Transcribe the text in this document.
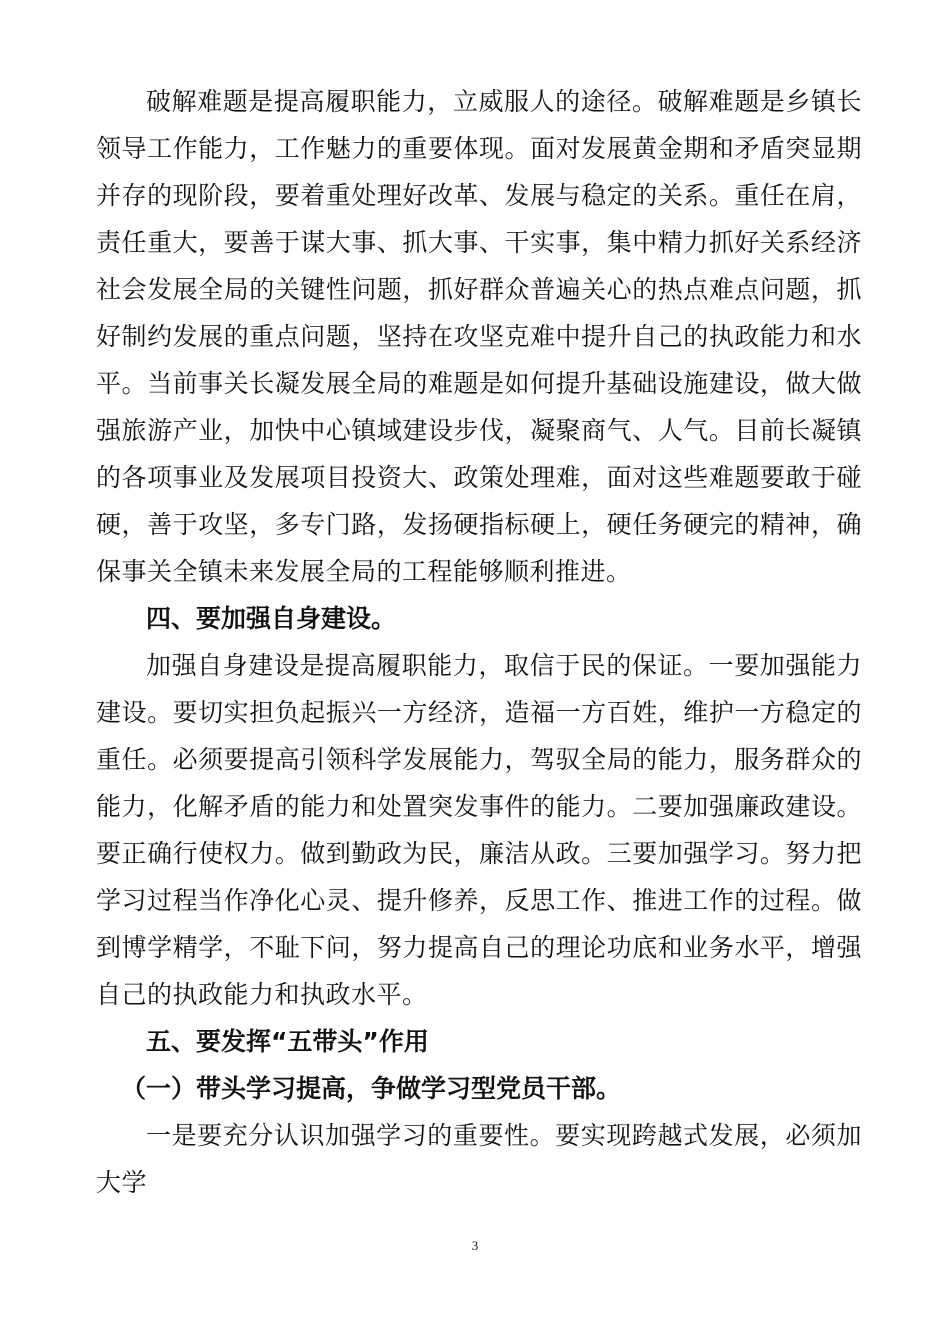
破解难题是提高履职能力，立威服人的途径。破解难题是乡镇长领导工作能力，工作魅力的重要体现。面对发展黄金期和矛盾突显期并存的现阶段，要着重处理好改革、发展与稳定的关系。重任在肩，责任重大，要善于谋大事、抓大事、干实事，集中精力抓好关系经济社会发展全局的关键性问题，抓好群众普遍关心的热点难点问题，抓好制约发展的重点问题，坚持在攻坚克难中提升自己的执政能力和水平。当前事关长凝发展全局的难题是如何提升基础设施建设，做大做强旅游产业，加快中心镇域建设步伐，凝聚商气、人气。目前长凝镇的各项事业及发展项目投资大、政策处理难，面对这些难题要敢于碰硬，善于攻坚，多专门路，发扬硬指标硬上，硬任务硬完的精神，确保事关全镇未来发展全局的工程能够顺利推进。

四、要加强自身建设。

加强自身建设是提高履职能力，取信于民的保证。一要加强能力建设。要切实担负起振兴一方经济，造福一方百姓，维护一方稳定的重任。必须要提高引领科学发展能力，驾驭全局的能力，服务群众的能力，化解矛盾的能力和处置突发事件的能力。二要加强廉政建设。要正确行使权力。做到勤政为民，廉洁从政。三要加强学习。努力把学习过程当作净化心灵、提升修养，反思工作、推进工作的过程。做到博学精学，不耻下问，努力提高自己的理论功底和业务水平，增强自己的执政能力和执政水平。

五、要发挥“五带头”作用

（一）带头学习提高，争做学习型党员干部。

一是要充分认识加强学习的重要性。要实现跨越式发展，必须加大学

3
